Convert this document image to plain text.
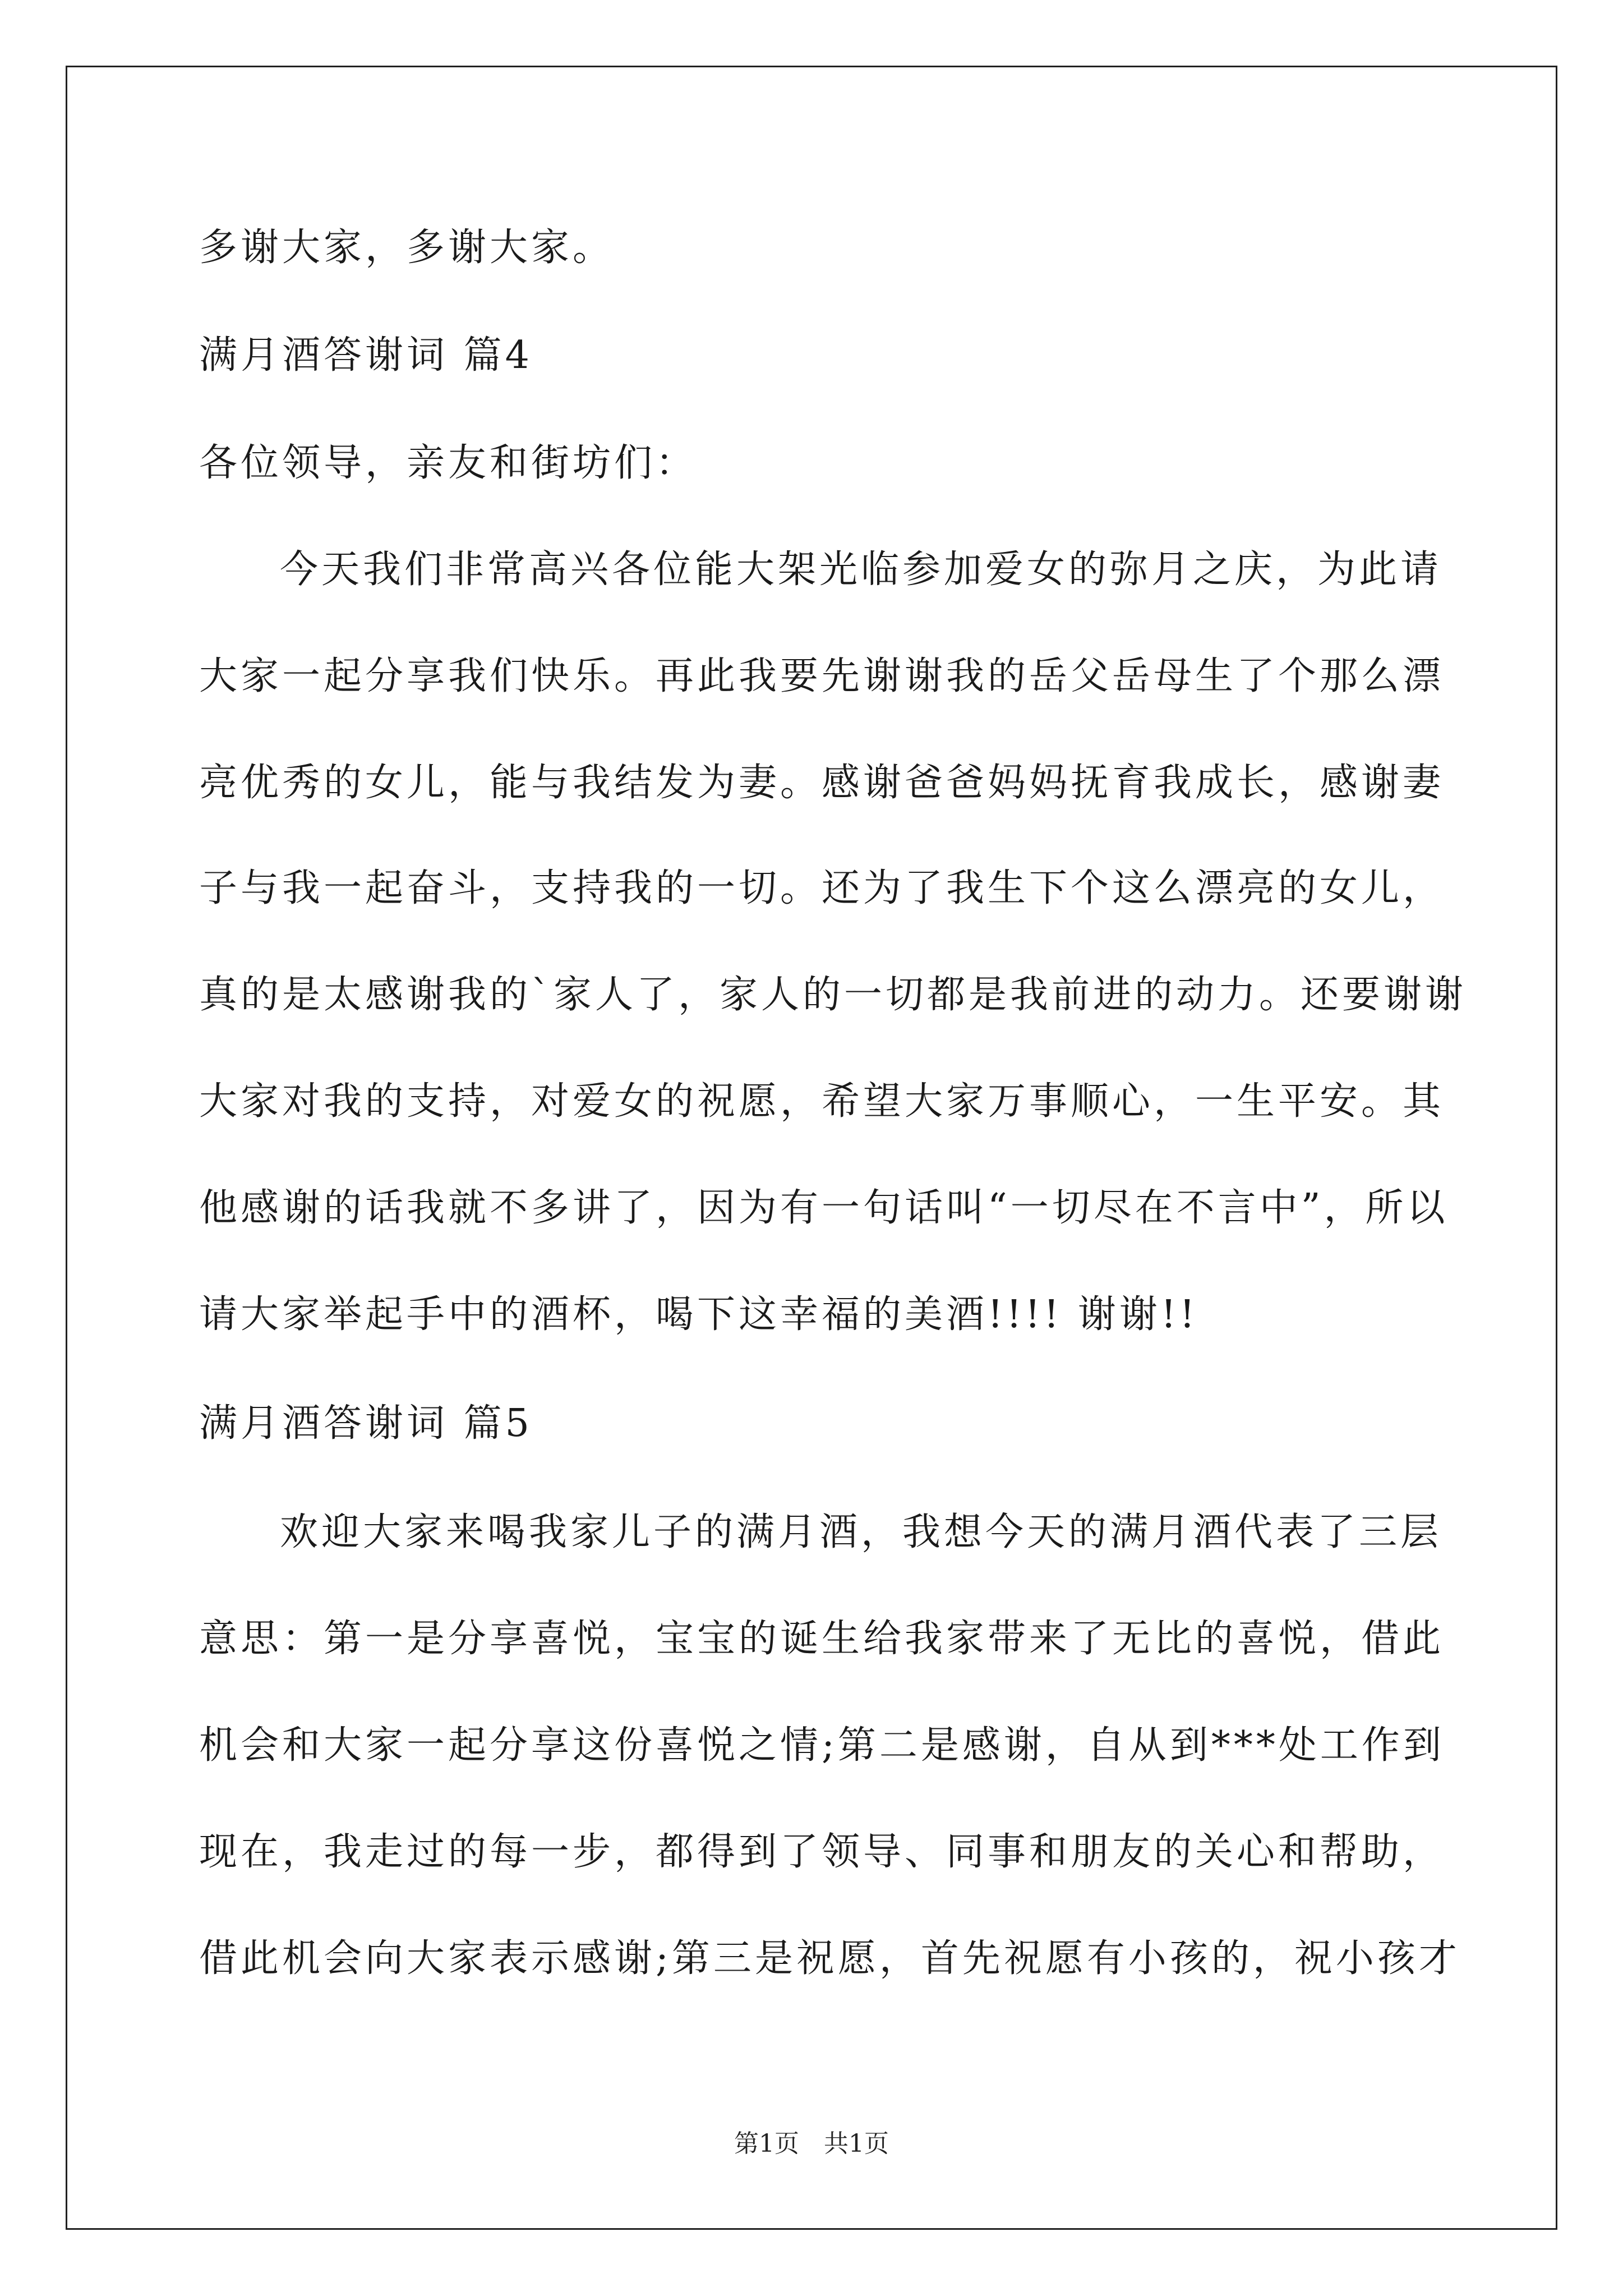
多谢大家，多谢大家。
满月酒答谢词 篇4
各位领导，亲友和街坊们：
今天我们非常高兴各位能大架光临参加爱女的弥月之庆，为此请
大家一起分享我们快乐。再此我要先谢谢我的岳父岳母生了个那么漂
亮优秀的女儿，能与我结发为妻。感谢爸爸妈妈抚育我成长，感谢妻
子与我一起奋斗，支持我的一切。还为了我生下个这么漂亮的女儿，
真的是太感谢我的`家人了，家人的一切都是我前进的动力。还要谢谢
大家对我的支持，对爱女的祝愿，希望大家万事顺心，一生平安。其
他感谢的话我就不多讲了，因为有一句话叫“一切尽在不言中”，所以
请大家举起手中的酒杯，喝下这幸福的美酒!!!! 谢谢!!
满月酒答谢词 篇5
欢迎大家来喝我家儿子的满月酒，我想今天的满月酒代表了三层
意思：第一是分享喜悦，宝宝的诞生给我家带来了无比的喜悦，借此
机会和大家一起分享这份喜悦之情;第二是感谢，自从到***处工作到
现在，我走过的每一步，都得到了领导、同事和朋友的关心和帮助，
借此机会向大家表示感谢;第三是祝愿，首先祝愿有小孩的，祝小孩才
第1页　共1页
